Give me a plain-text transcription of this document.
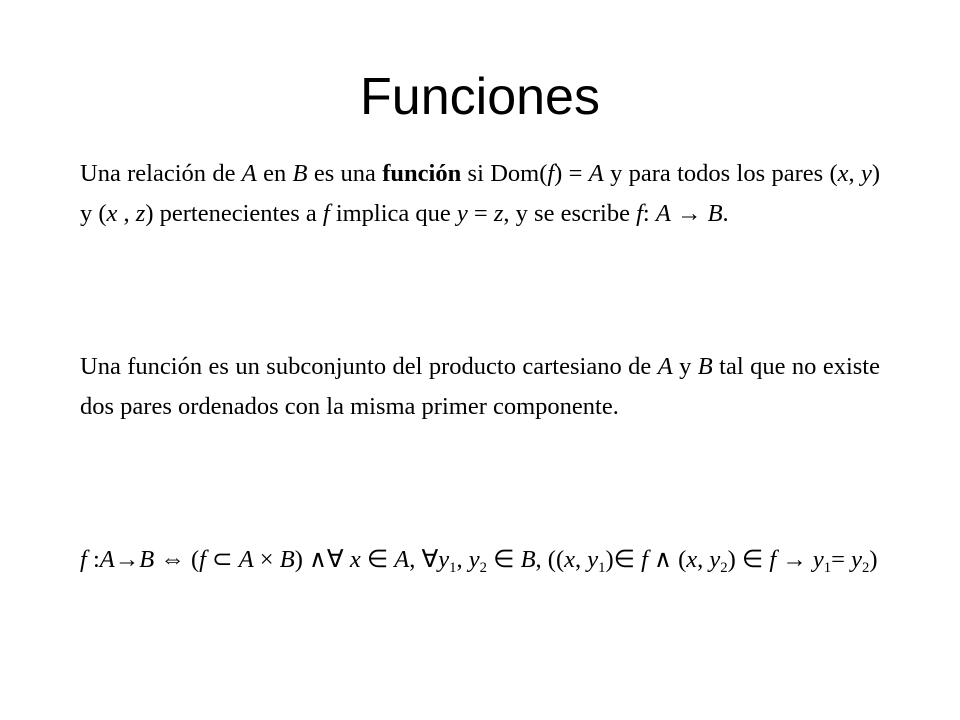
Funciones
Una relación de A en B es una función si Dom(f) = A y para todos los pares (x, y) y (x , z) pertenecientes a f implica que y = z, y se escribe f: A → B.
Una función es un subconjunto del producto cartesiano de A y B tal que no existe dos pares ordenados con la misma primer componente.
f :A→B ⇔ (f ⊂ A × B) ∧∀ x ∈ A, $\forall y_1$, $y_2$ ∈ B, ((x, $y_1)\in$ f ∧ (x, $y_2$) ∈ $f \to y_1= y_2$)
